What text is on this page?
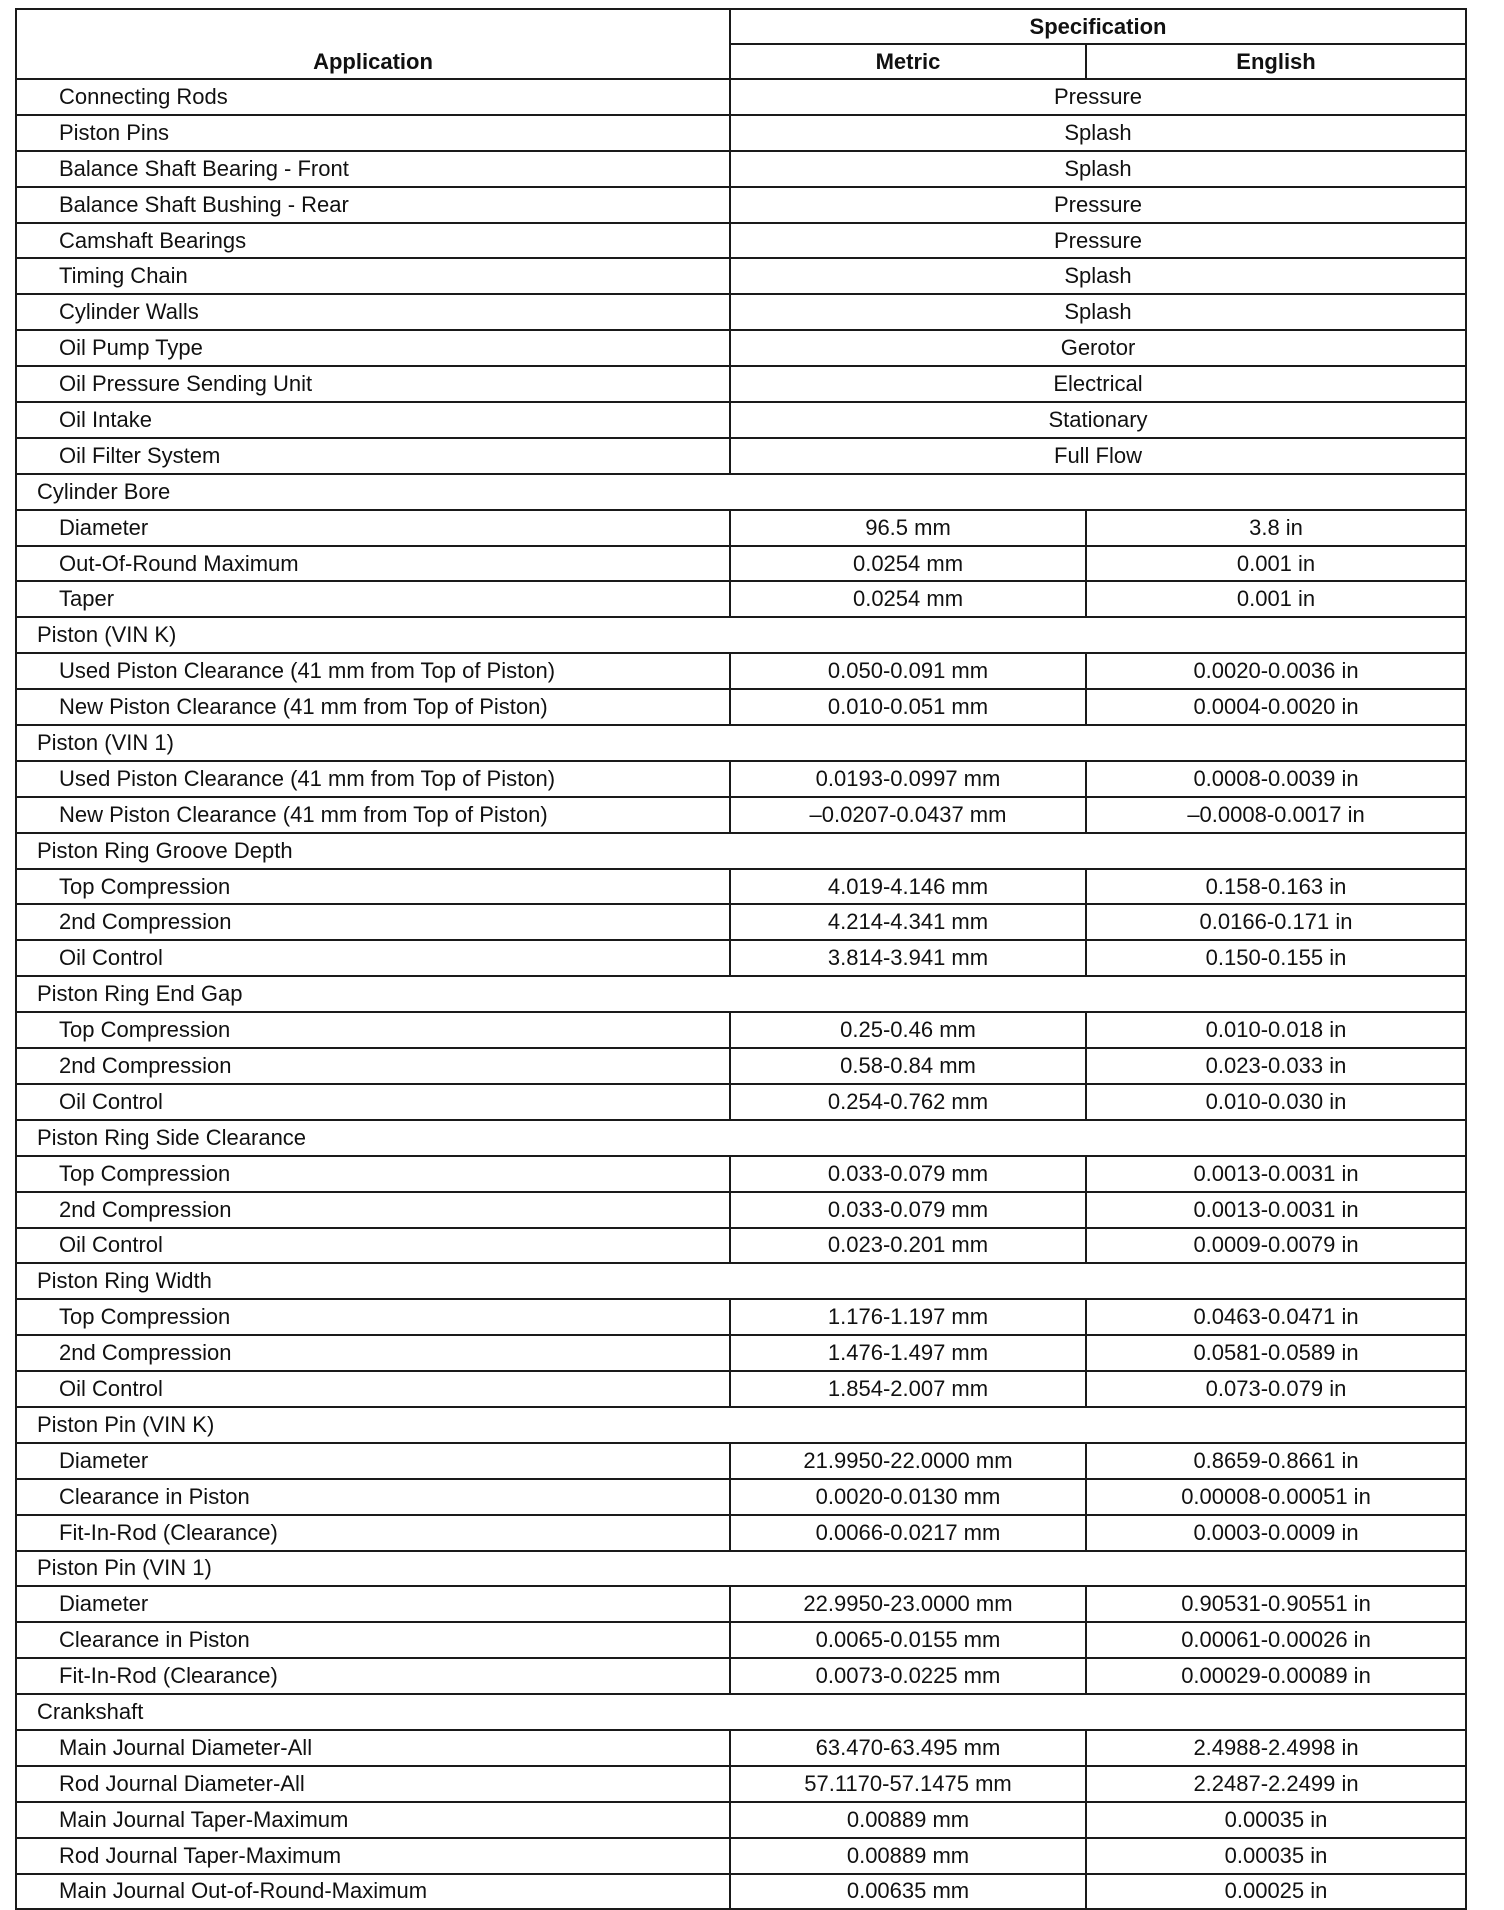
Application	Specification	
	Metric	English
Connecting Rods	Pressure	
Piston Pins	Splash	
Balance Shaft Bearing - Front	Splash	
Balance Shaft Bushing - Rear	Pressure	
Camshaft Bearings	Pressure	
Timing Chain	Splash	
Cylinder Walls	Splash	
Oil Pump Type	Gerotor	
Oil Pressure Sending Unit	Electrical	
Oil Intake	Stationary	
Oil Filter System	Full Flow	
Cylinder Bore		
Diameter	96.5 mm	3.8 in
Out-Of-Round Maximum	0.0254 mm	0.001 in
Taper	0.0254 mm	0.001 in
Piston (VIN K)		
Used Piston Clearance (41 mm from Top of Piston)	0.050-0.091 mm	0.0020-0.0036 in
New Piston Clearance (41 mm from Top of Piston)	0.010-0.051 mm	0.0004-0.0020 in
Piston (VIN 1)		
Used Piston Clearance (41 mm from Top of Piston)	0.0193-0.0997 mm	0.0008-0.0039 in
New Piston Clearance (41 mm from Top of Piston)	–0.0207-0.0437 mm	–0.0008-0.0017 in
Piston Ring Groove Depth		
Top Compression	4.019-4.146 mm	0.158-0.163 in
2nd Compression	4.214-4.341 mm	0.0166-0.171 in
Oil Control	3.814-3.941 mm	0.150-0.155 in
Piston Ring End Gap		
Top Compression	0.25-0.46 mm	0.010-0.018 in
2nd Compression	0.58-0.84 mm	0.023-0.033 in
Oil Control	0.254-0.762 mm	0.010-0.030 in
Piston Ring Side Clearance		
Top Compression	0.033-0.079 mm	0.0013-0.0031 in
2nd Compression	0.033-0.079 mm	0.0013-0.0031 in
Oil Control	0.023-0.201 mm	0.0009-0.0079 in
Piston Ring Width		
Top Compression	1.176-1.197 mm	0.0463-0.0471 in
2nd Compression	1.476-1.497 mm	0.0581-0.0589 in
Oil Control	1.854-2.007 mm	0.073-0.079 in
Piston Pin (VIN K)		
Diameter	21.9950-22.0000 mm	0.8659-0.8661 in
Clearance in Piston	0.0020-0.0130 mm	0.00008-0.00051 in
Fit-In-Rod (Clearance)	0.0066-0.0217 mm	0.0003-0.0009 in
Piston Pin (VIN 1)		
Diameter	22.9950-23.0000 mm	0.90531-0.90551 in
Clearance in Piston	0.0065-0.0155 mm	0.00061-0.00026 in
Fit-In-Rod (Clearance)	0.0073-0.0225 mm	0.00029-0.00089 in
Crankshaft		
Main Journal Diameter-All	63.470-63.495 mm	2.4988-2.4998 in
Rod Journal Diameter-All	57.1170-57.1475 mm	2.2487-2.2499 in
Main Journal Taper-Maximum	0.00889 mm	0.00035 in
Rod Journal Taper-Maximum	0.00889 mm	0.00035 in
Main Journal Out-of-Round-Maximum	0.00635 mm	0.00025 in
